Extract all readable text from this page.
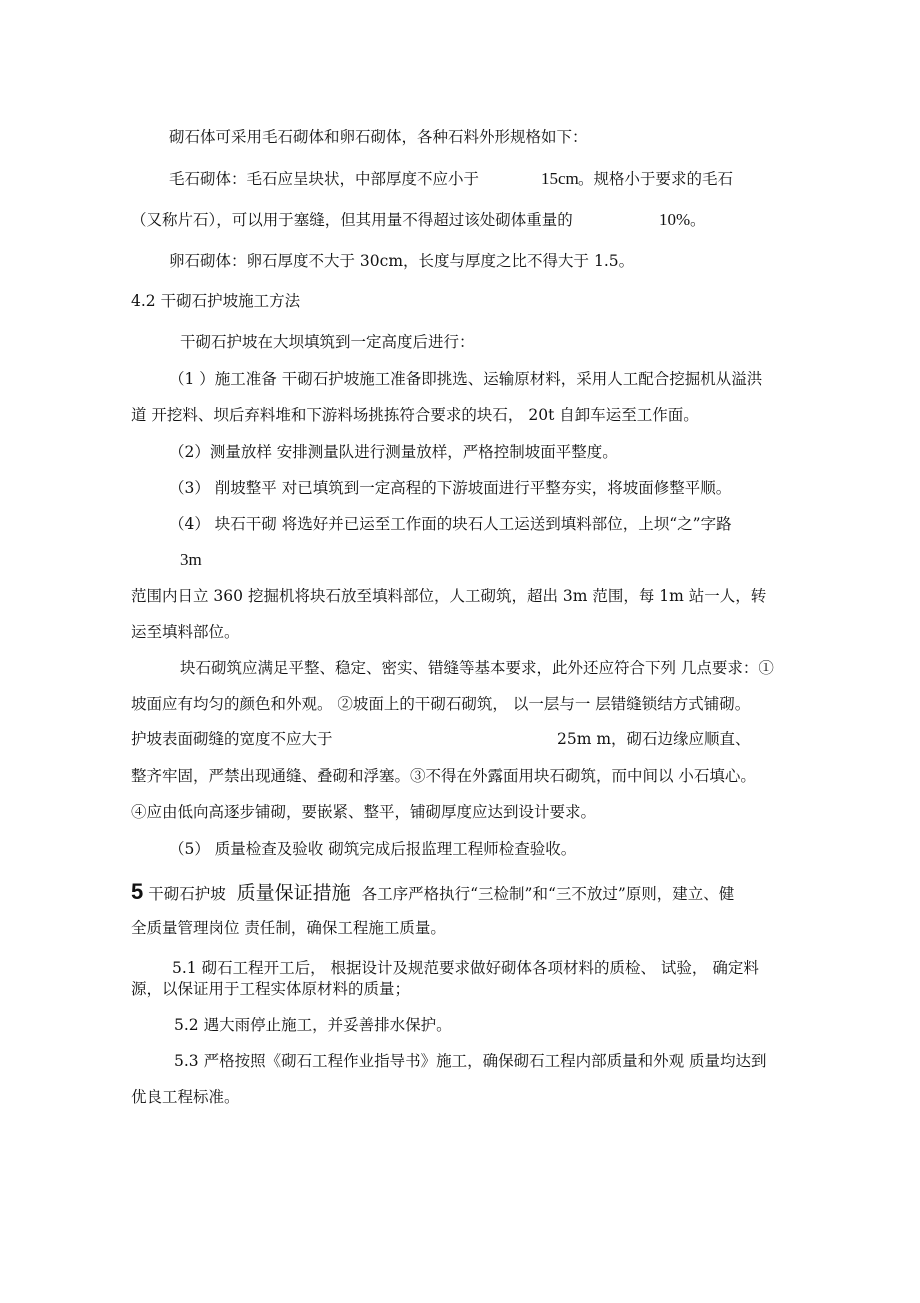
砌石体可采用毛石砌体和卵石砌体，各种石料外形规格如下：
毛石砌体：毛石应呈块状，中部厚度不应小于	15cm 。规格小于要求的毛石
（又称片石），可以用于塞缝，但其用量不得超过该处砌体重量的	10% 。
卵石砌体：卵石厚度不大于 30cm，长度与厚度之比不得大于 1.5。
4.2 干砌石护坡施工方法
干砌石护坡在大坝填筑到一定高度后进行：
（1 ）施工准备 干砌石护坡施工准备即挑选、运输原材料，采用人工配合挖掘机从溢洪
道 开挖料、坝后弃料堆和下游料场挑拣符合要求的块石， 20t 自卸车运至工作面。
（2）测量放样 安排测量队进行测量放样，严格控制坡面平整度。
（3） 削坡整平 对已填筑到一定高程的下游坡面进行平整夯实，将坡面修整平顺。
（4） 块石干砌 将选好并已运至工作面的块石人工运送到填料部位，上坝“之”字路
3m
范围内日立 360 挖掘机将块石放至填料部位，人工砌筑，超出 3m 范围，每 1m 站一人，转
运至填料部位。
块石砌筑应满足平整、稳定、密实、错缝等基本要求，此外还应符合下列 几点要求：①
坡面应有均匀的颜色和外观。 ②坡面上的干砌石砌筑， 以一层与一 层错缝锁结方式铺砌。
护坡表面砌缝的宽度不应大于	25m m，砌石边缘应顺直、
整齐牢固，严禁出现通缝、叠砌和浮塞。③不得在外露面用块石砌筑，而中间以 小石填心。
④应由低向高逐步铺砌，要嵌紧、整平，铺砌厚度应达到设计要求。
（5） 质量检查及验收 砌筑完成后报监理工程师检查验收。
5 干砌石护坡 质量保证措施 各工序严格执行“三检制”和“三不放过”原则，建立、健
全质量管理岗位 责任制，确保工程施工质量。
5.1 砌石工程开工后， 根据设计及规范要求做好砌体各项材料的质检、 试验， 确定料
源，以保证用于工程实体原材料的质量；
5.2 遇大雨停止施工，并妥善排水保护。
5.3 严格按照《砌石工程作业指导书》施工，确保砌石工程内部质量和外观 质量均达到
优良工程标准。
